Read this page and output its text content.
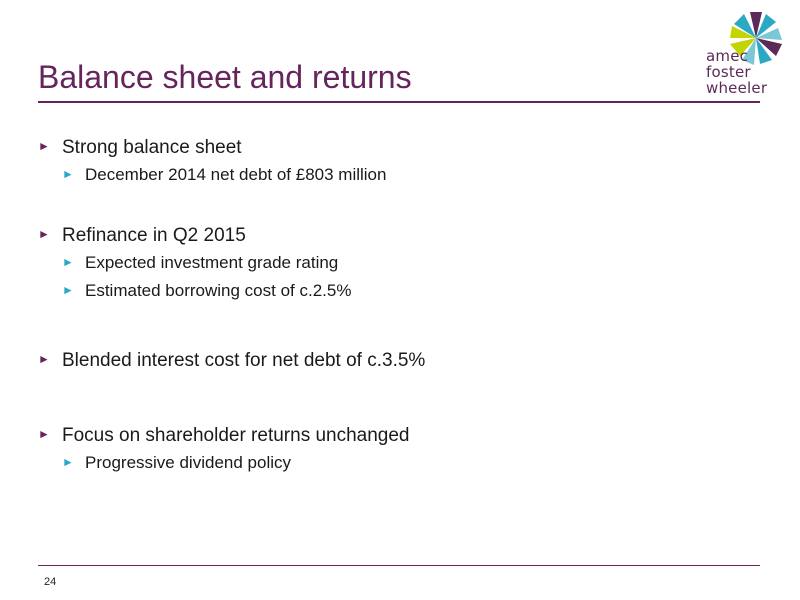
Balance sheet and returns
amec
foster
wheeler
► Strong balance sheet
► December 2014 net debt of £803 million
► Refinance in Q2 2015
► Expected investment grade rating
► Estimated borrowing cost of c.2.5%
► Blended interest cost for net debt of c.3.5%
► Focus on shareholder returns unchanged
► Progressive dividend policy
24
